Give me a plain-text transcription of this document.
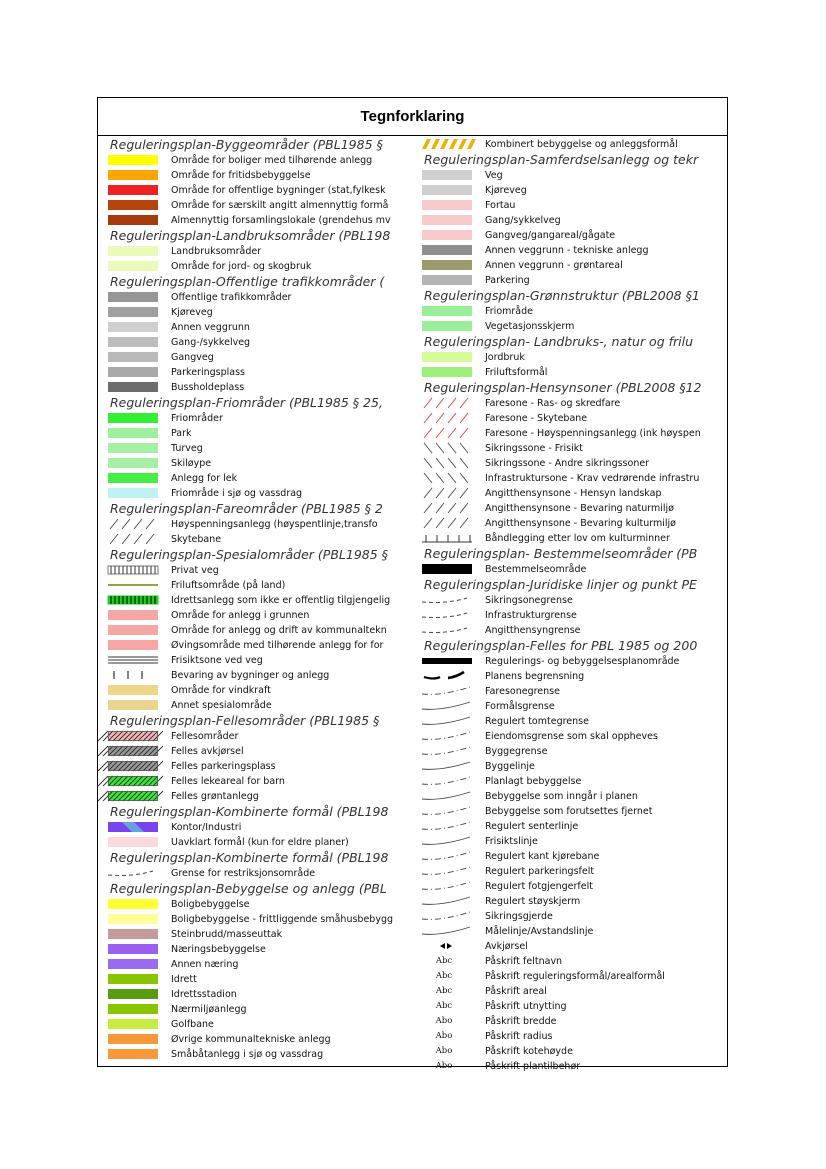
Tegnforklaring
Reguleringsplan-Byggeområder (PBL1985 §
Område for boliger med tilhørende anlegg
Område for fritidsbebyggelse
Område for offentlige bygninger (stat,fylkesk
Område for særskilt angitt almennyttig formå
Almennyttig forsamlingslokale (grendehus mv
Reguleringsplan-Landbruksområder (PBL198
Landbruksområder
Område for jord- og skogbruk
Reguleringsplan-Offentlige trafikkområder (
Offentlige trafikkområder
Kjøreveg
Annen veggrunn
Gang-/sykkelveg
Gangveg
Parkeringsplass
Bussholdeplass
Reguleringsplan-Friområder (PBL1985 § 25,
Friområder
Park
Turveg
Skiløype
Anlegg for lek
Friområde i sjø og vassdrag
Reguleringsplan-Fareområder (PBL1985 § 2
Høyspenningsanlegg (høyspentlinje,transfo
Skytebane
Reguleringsplan-Spesialområder (PBL1985 §
Privat veg
Friluftsområde (på land)
Idrettsanlegg som ikke er offentlig tilgjengelig
Område for anlegg i grunnen
Område for anlegg og drift av kommunaltekn
Øvingsområde med tilhørende anlegg for for
Frisiktsone ved veg
Bevaring av bygninger og anlegg
Område for vindkraft
Annet spesialområde
Reguleringsplan-Fellesområder (PBL1985 §
Fellesområder
Felles avkjørsel
Felles parkeringsplass
Felles lekeareal for barn
Felles grøntanlegg
Reguleringsplan-Kombinerte formål (PBL198
Kontor/Industri
Uavklart formål (kun for eldre planer)
Reguleringsplan-Kombinerte formål (PBL198
Grense for restriksjonsområde
Reguleringsplan-Bebyggelse og anlegg (PBL
Boligbebyggelse
Boligbebyggelse - frittliggende småhusbebygg
Steinbrudd/masseuttak
Næringsbebyggelse
Annen næring
Idrett
Idrettsstadion
Nærmiljøanlegg
Golfbane
Øvrige kommunaltekniske anlegg
Småbåtanlegg i sjø og vassdrag
Kombinert bebyggelse og anleggsformål
Reguleringsplan-Samferdselsanlegg og tekr
Veg
Kjøreveg
Fortau
Gang/sykkelveg
Gangveg/gangareal/gågate
Annen veggrunn - tekniske anlegg
Annen veggrunn - grøntareal
Parkering
Reguleringsplan-Grønnstruktur (PBL2008 §1
Friområde
Vegetasjonsskjerm
Reguleringsplan- Landbruks-, natur og frilu
Jordbruk
Friluftsformål
Reguleringsplan-Hensynsoner (PBL2008 §12
Faresone - Ras- og skredfare
Faresone - Skytebane
Faresone - Høyspenningsanlegg (ink høyspen
Sikringssone - Frisikt
Sikringssone - Andre sikringssoner
Infrastruktursone - Krav vedrørende infrastru
Angitthensynsone - Hensyn landskap
Angitthensynsone - Bevaring naturmiljø
Angitthensynsone - Bevaring kulturmiljø
Båndlegging etter lov om kulturminner
Reguleringsplan- Bestemmelseområder (PB
Bestemmelseområde
Reguleringsplan-Juridiske linjer og punkt PE
Sikringsonegrense
Infrastrukturgrense
Angitthensyngrense
Reguleringsplan-Felles for PBL 1985 og 200
Regulerings- og bebyggelsesplanområde
Planens begrensning
Faresonegrense
Formålsgrense
Regulert tomtegrense
Eiendomsgrense som skal oppheves
Byggegrense
Byggelinje
Planlagt bebyggelse
Bebyggelse som inngår i planen
Bebyggelse som forutsettes fjernet
Regulert senterlinje
Frisiktslinje
Regulert kant kjørebane
Regulert parkeringsfelt
Regulert fotgjengerfelt
Regulert støyskjerm
Sikringsgjerde
Målelinje/Avstandslinje
Avkjørsel
Abc	Påskrift feltnavn
Abc	Påskrift reguleringsformål/arealformål
Abc	Påskrift areal
Abc	Påskrift utnytting
Abo	Påskrift bredde
Abo	Påskrift radius
Abo	Påskrift kotehøyde
Abo	Påskrift plantilbehør
